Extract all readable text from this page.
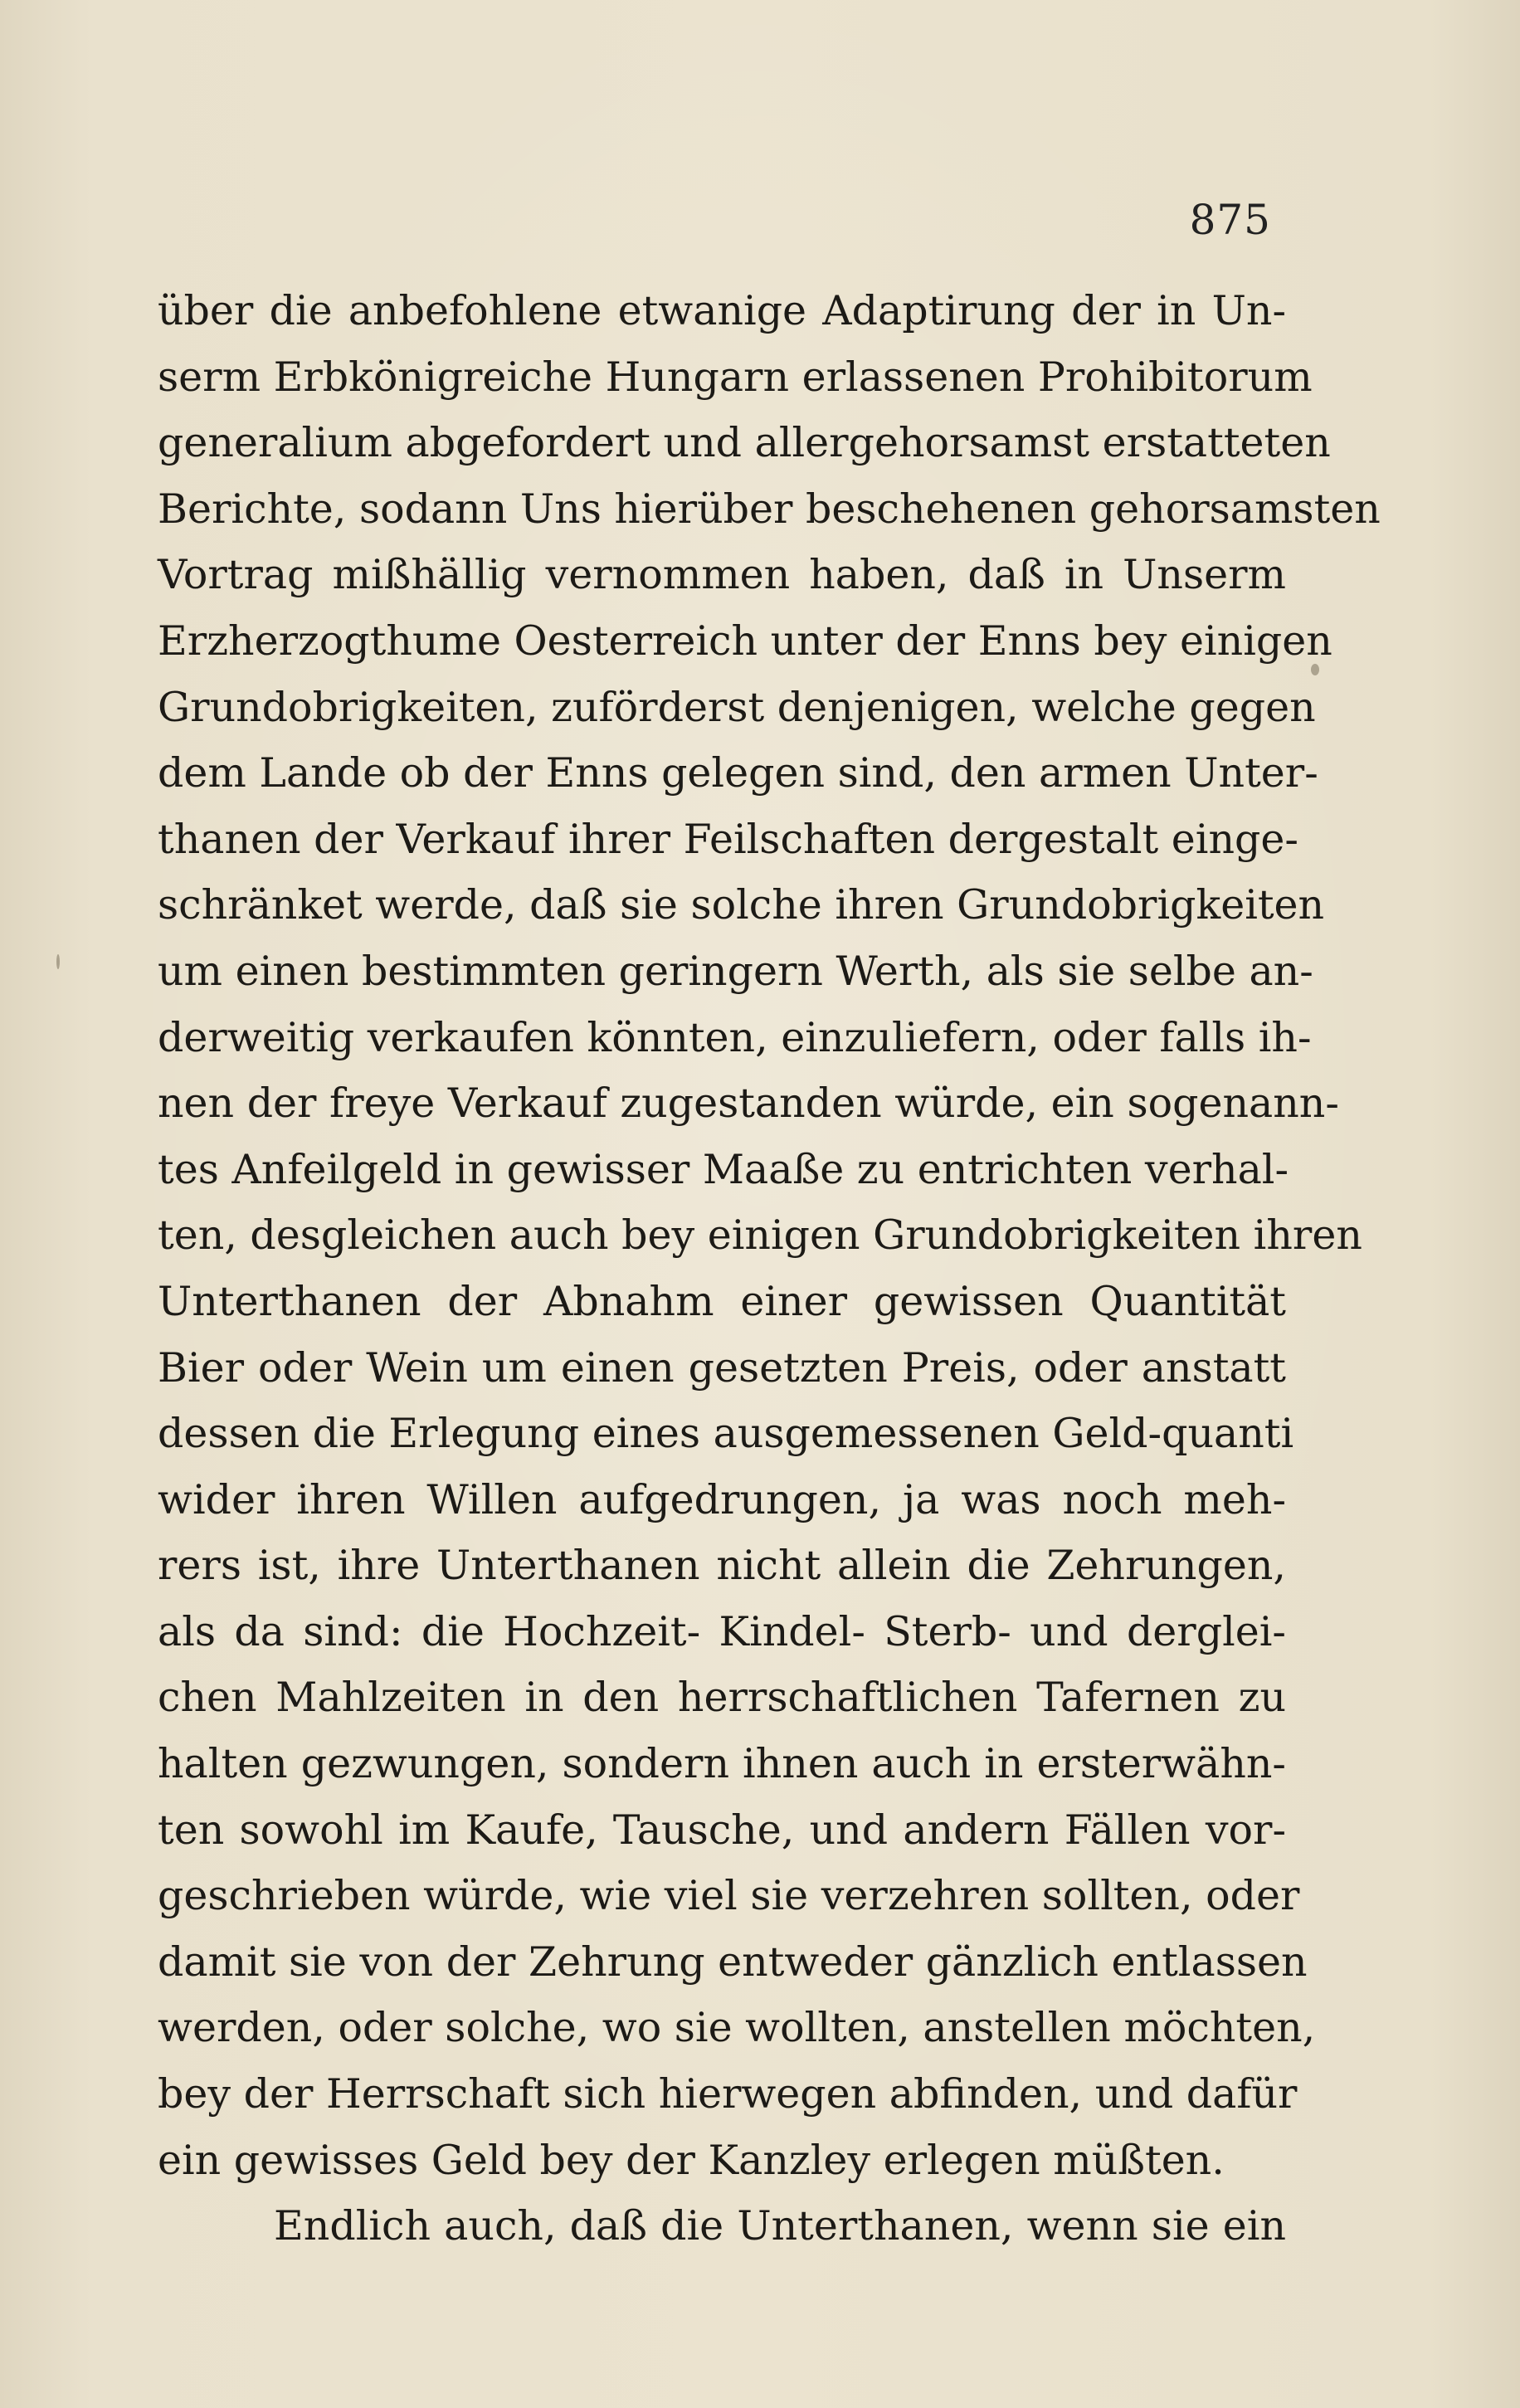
875
über die anbefohlene etwanige Adaptirung der in Un-
serm Erbkönigreiche Hungarn erlassenen Prohibitorum
generalium abgefordert und allergehorsamst erstatteten
Berichte, sodann Uns hierüber beschehenen gehorsamsten
Vortrag mißhällig vernommen haben, daß in Unserm
Erzherzogthume Oesterreich unter der Enns bey einigen
Grundobrigkeiten, zuförderst denjenigen, welche gegen
dem Lande ob der Enns gelegen sind, den armen Unter-
thanen der Verkauf ihrer Feilschaften dergestalt einge-
schränket werde, daß sie solche ihren Grundobrigkeiten
um einen bestimmten geringern Werth, als sie selbe an-
derweitig verkaufen könnten, einzuliefern, oder falls ih-
nen der freye Verkauf zugestanden würde, ein sogenann-
tes Anfeilgeld in gewisser Maaße zu entrichten verhal-
ten, desgleichen auch bey einigen Grundobrigkeiten ihren
Unterthanen der Abnahm einer gewissen Quantität
Bier oder Wein um einen gesetzten Preis, oder anstatt
dessen die Erlegung eines ausgemessenen Geld-quanti
wider ihren Willen aufgedrungen, ja was noch meh-
rers ist, ihre Unterthanen nicht allein die Zehrungen,
als da sind: die Hochzeit- Kindel- Sterb- und derglei-
chen Mahlzeiten in den herrschaftlichen Tafernen zu
halten gezwungen, sondern ihnen auch in ersterwähn-
ten sowohl im Kaufe, Tausche, und andern Fällen vor-
geschrieben würde, wie viel sie verzehren sollten, oder
damit sie von der Zehrung entweder gänzlich entlassen
werden, oder solche, wo sie wollten, anstellen möchten,
bey der Herrschaft sich hierwegen abfinden, und dafür
ein gewisses Geld bey der Kanzley erlegen müßten.
Endlich auch, daß die Unterthanen, wenn sie ein
